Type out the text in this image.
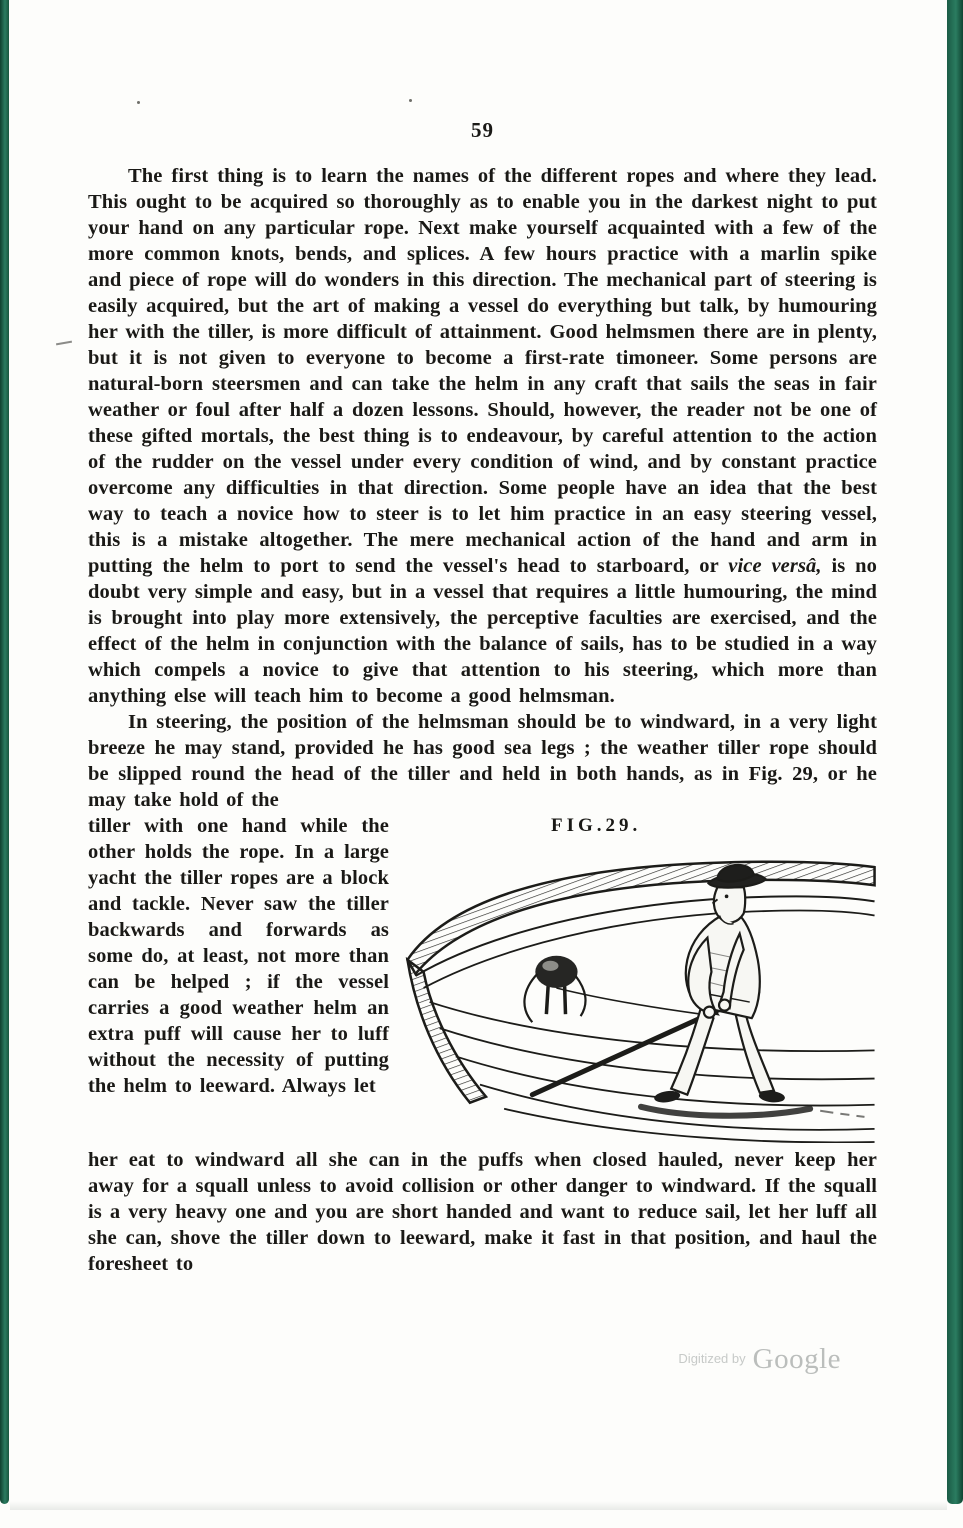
59

The first thing is to learn the names of the different ropes and where they lead. This ought to be acquired so thoroughly as to enable you in the darkest night to put your hand on any particular rope. Next make yourself acquainted with a few of the more common knots, bends, and splices. A few hours practice with a marlin spike and piece of rope will do wonders in this direction. The mechanical part of steering is easily acquired, but the art of making a vessel do everything but talk, by humouring her with the tiller, is more difficult of attainment. Good helmsmen there are in plenty, but it is not given to everyone to become a first-rate timoneer. Some persons are natural-born steersmen and can take the helm in any craft that sails the seas in fair weather or foul after half a dozen lessons. Should, however, the reader not be one of these gifted mortals, the best thing is to endeavour, by careful attention to the action of the rudder on the vessel under every condition of wind, and by constant practice overcome any difficulties in that direction. Some people have an idea that the best way to teach a novice how to steer is to let him practice in an easy steering vessel, this is a mistake altogether. The mere mechanical action of the hand and arm in putting the helm to port to send the vessel's head to starboard, or vice versâ, is no doubt very simple and easy, but in a vessel that requires a little humouring, the mind is brought into play more extensively, the perceptive faculties are exercised, and the effect of the helm in conjunction with the balance of sails, has to be studied in a way which compels a novice to give that attention to his steering, which more than anything else will teach him to become a good helmsman.

In steering, the position of the helmsman should be to windward, in a very light breeze he may stand, provided he has good sea legs ; the weather tiller rope should be slipped round the head of the tiller and held in both hands, as in Fig. 29, or he may take hold of the

FIG.29.

tiller with one hand while the other holds the rope. In a large yacht the tiller ropes are a block and tackle. Never saw the tiller backwards and forwards as some do, at least, not more than can be helped ; if the vessel carries a good weather helm an extra puff will cause her to luff without the necessity of putting the helm to leeward. Always let

her eat to windward all she can in the puffs when closed hauled, never keep her away for a squall unless to avoid collision or other danger to windward. If the squall is a very heavy one and you are short handed and want to reduce sail, let her luff all she can, shove the tiller down to leeward, make it fast in that position, and haul the foresheet to

$^{Digitized by}$ Google
